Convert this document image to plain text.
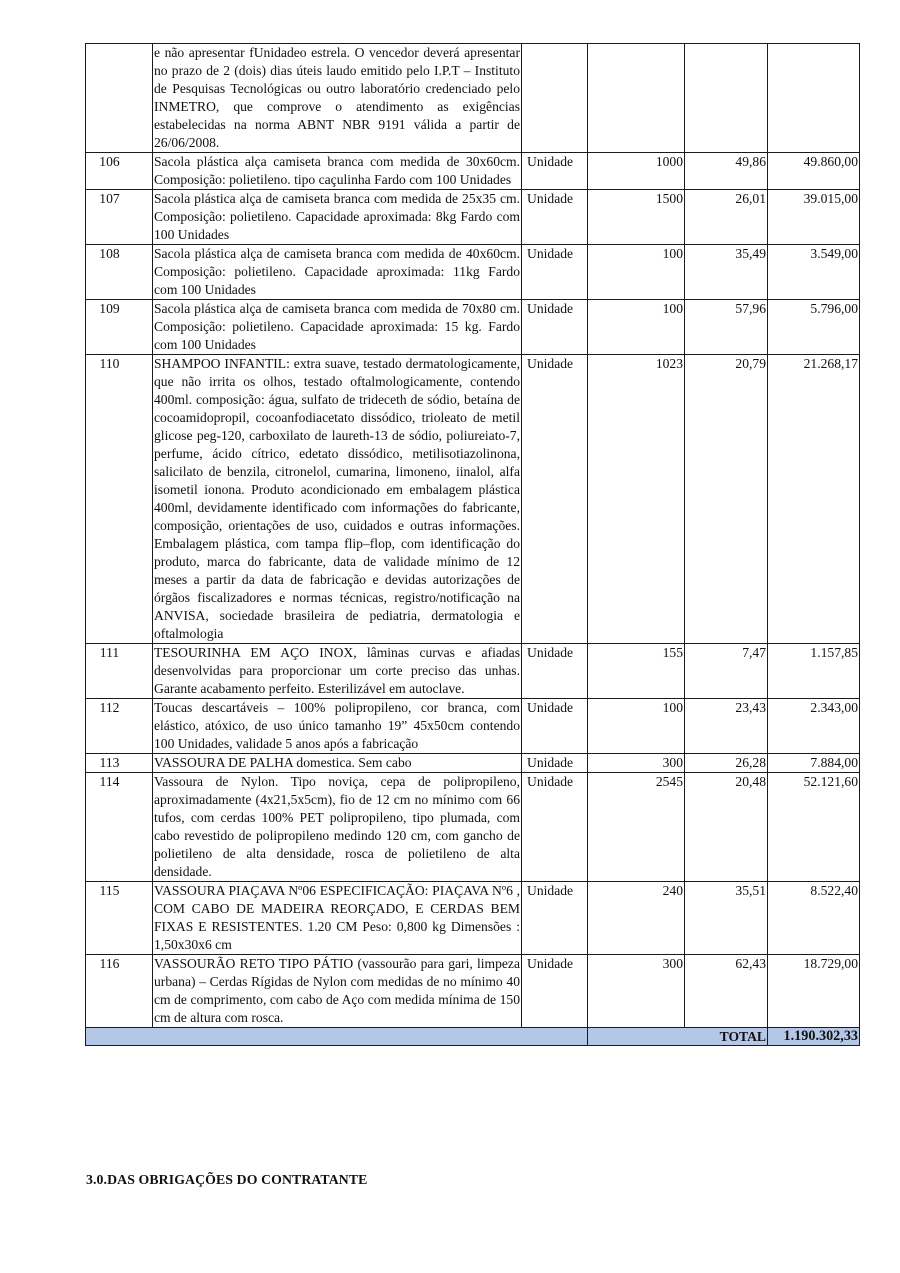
	e não apresentar fUnidadeo estrela. O vencedor deverá apresentar no prazo de 2 (dois) dias úteis laudo emitido pelo I.P.T – Instituto de Pesquisas Tecnológicas ou outro laboratório credenciado pelo INMETRO, que comprove o atendimento as exigências estabelecidas na norma ABNT NBR 9191 válida a partir de 26/06/2008.				
106	Sacola plástica alça camiseta branca com medida de 30x60cm. Composição: polietileno. tipo caçulinha Fardo com 100 Unidades	Unidade	1000	49,86	49.860,00
107	Sacola plástica alça de camiseta branca com medida de 25x35 cm. Composição: polietileno. Capacidade aproximada: 8kg Fardo com 100 Unidades	Unidade	1500	26,01	39.015,00
108	Sacola plástica alça de camiseta branca com medida de 40x60cm. Composição: polietileno. Capacidade aproximada: 11kg Fardo com 100 Unidades	Unidade	100	35,49	3.549,00
109	Sacola plástica alça de camiseta branca com medida de 70x80 cm. Composição: polietileno. Capacidade aproximada: 15 kg. Fardo com 100 Unidades	Unidade	100	57,96	5.796,00
110	SHAMPOO INFANTIL: extra suave, testado dermatologicamente, que não irrita os olhos, testado oftalmologicamente, contendo 400ml. composição: água, sulfato de trideceth de sódio, betaína de cocoamidopropil, cocoanfodiacetato dissódico, trioleato de metil glicose peg-120, carboxilato de laureth-13 de sódio, poliureiato-7, perfume, ácido cítrico, edetato dissódico, metilisotiazolinona, salicilato de benzila, citronelol, cumarina, limoneno, iinalol, alfa isometil ionona. Produto acondicionado em embalagem plástica 400ml, devidamente identificado com informações do fabricante, composição, orientações de uso, cuidados e outras informações. Embalagem plástica, com tampa flip–flop, com identificação do produto, marca do fabricante, data de validade mínimo de 12 meses a partir da data de fabricação e devidas autorizações de órgãos fiscalizadores e normas técnicas, registro/notificação na ANVISA, sociedade brasileira de pediatria, dermatologia e oftalmologia	Unidade	1023	20,79	21.268,17
111	TESOURINHA EM AÇO INOX, lâminas curvas e afiadas desenvolvidas para proporcionar um corte preciso das unhas. Garante acabamento perfeito. Esterilizável em autoclave.	Unidade	155	7,47	1.157,85
112	Toucas descartáveis – 100% polipropileno, cor branca, com elástico, atóxico, de uso único tamanho 19” 45x50cm contendo 100 Unidades, validade 5 anos após a fabricação	Unidade	100	23,43	2.343,00
113	VASSOURA DE PALHA domestica. Sem cabo	Unidade	300	26,28	7.884,00
114	Vassoura de Nylon. Tipo noviça, cepa de polipropileno, aproximadamente (4x21,5x5cm), fio de 12 cm no mínimo com 66 tufos, com cerdas 100% PET polipropileno, tipo plumada, com cabo revestido de polipropileno medindo 120 cm, com gancho de polietileno de alta densidade, rosca de polietileno de alta densidade.	Unidade	2545	20,48	52.121,60
115	VASSOURA PIAÇAVA Nº06 ESPECIFICAÇÃO: PIAÇAVA Nº6 , COM CABO DE MADEIRA REORÇADO, E CERDAS BEM FIXAS E RESISTENTES. 1.20 CM Peso: 0,800 kg Dimensões : 1,50x30x6 cm	Unidade	240	35,51	8.522,40
116	VASSOURÃO RETO TIPO PÁTIO (vassourão para gari, limpeza urbana) – Cerdas Rígidas de Nylon com medidas de no mínimo 40 cm de comprimento, com cabo de Aço com medida mínima de 150 cm de altura com rosca.	Unidade	300	62,43	18.729,00
			TOTAL		1.190.302,33
3.0.DAS OBRIGAÇÕES DO CONTRATANTE
